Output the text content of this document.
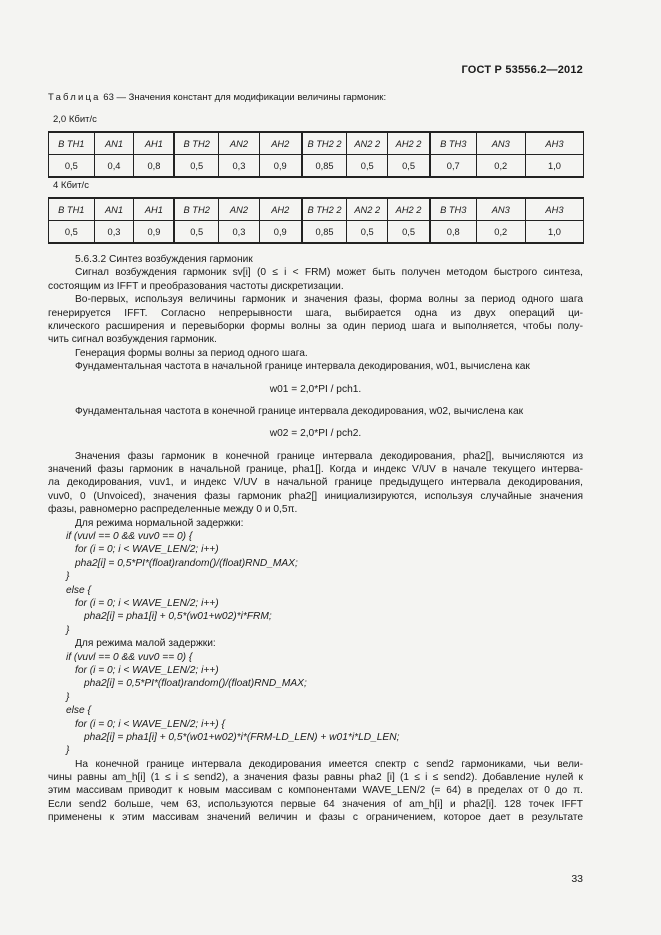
ГОСТ Р 53556.2—2012
Таблица 63 — Значения констант для модификации величины гармоник:
2,0 Кбит/с
B TH1	AN1	AH1	B TH2	AN2	AH2	B TH2 2	AN2 2	AH2 2	B TH3	AN3	AH3
0,5	0,4	0,8	0,5	0,3	0,9	0,85	0,5	0,5	0,7	0,2	1,0
4 Кбит/с
B TH1	AN1	AH1	B TH2	AN2	AH2	B TH2 2	AN2 2	AH2 2	B TH3	AN3	AH3
0,5	0,3	0,9	0,5	0,3	0,9	0,85	0,5	0,5	0,8	0,2	1,0
5.6.3.2 Синтез возбуждения гармоник
Сигнал возбуждения гармоник sv[i] (0 ≤ i < FRM) может быть получен методом быстрого синтеза,
состоящим из IFFT и преобразования частоты дискретизации.
Во-первых, используя величины гармоник и значения фазы, форма волны за период одного шага
генерируется IFFT. Согласно непрерывности шага, выбирается одна из двух операций ци-
клического расширения и перевыборки формы волны за один период шага и выполняется, чтобы полу-
чить сигнал возбуждения гармоник.
Генерация формы волны за период одного шага.
Фундаментальная частота в начальной границе интервала декодирования, w01, вычислена как
w01 = 2,0*PI / pch1.
Фундаментальная частота в конечной границе интервала декодирования, w02, вычислена как
w02 = 2,0*PI / pch2.
Значения фазы гармоник в конечной границе интервала декодирования, pha2[], вычисляются из
значений фазы гармоник в начальной границе, pha1[]. Когда и индекс V/UV в начале текущего интерва-
ла декодирования, vuv1, и индекс V/UV в начальной границе предыдущего интервала декодирования,
vuv0, 0 (Unvoiced), значения фазы гармоник pha2[] инициализируются, используя случайные значения
фазы, равномерно распределенные между 0 и 0,5π.
Для режима нормальной задержки:
if (vuvl == 0 && vuv0 == 0) {
for (i = 0; i < WAVE_LEN/2; i++)
pha2[i] = 0,5*PI*(float)random()/(float)RND_MAX;
}
else {
for (i = 0; i < WAVE_LEN/2; i++)
pha2[i] = pha1[i] + 0,5*(w01+w02)*i*FRM;
}
Для режима малой задержки:
if (vuvl == 0 && vuv0 == 0) {
for (i = 0; i < WAVE_LEN/2; i++)
pha2[i] = 0,5*PI*(float)random()/(float)RND_MAX;
}
else {
for (i = 0; i < WAVE_LEN/2; i++) {
pha2[i] = pha1[i] + 0,5*(w01+w02)*i*(FRM-LD_LEN) + w01*i*LD_LEN;
}
На конечной границе интервала декодирования имеется спектр с send2 гармониками, чьи вели-
чины равны am_h[i] (1 ≤ i ≤ send2), а значения фазы равны pha2 [i] (1 ≤ i ≤ send2). Добавление нулей к
этим массивам приводит к новым массивам с компонентами WAVE_LEN/2 (= 64) в пределах от 0 до π.
Если send2 больше, чем 63, используются первые 64 значения of am_h[i] и pha2[i]. 128 точек IFFT
применены к этим массивам значений величин и фазы с ограничением, которое дает в результате
33
